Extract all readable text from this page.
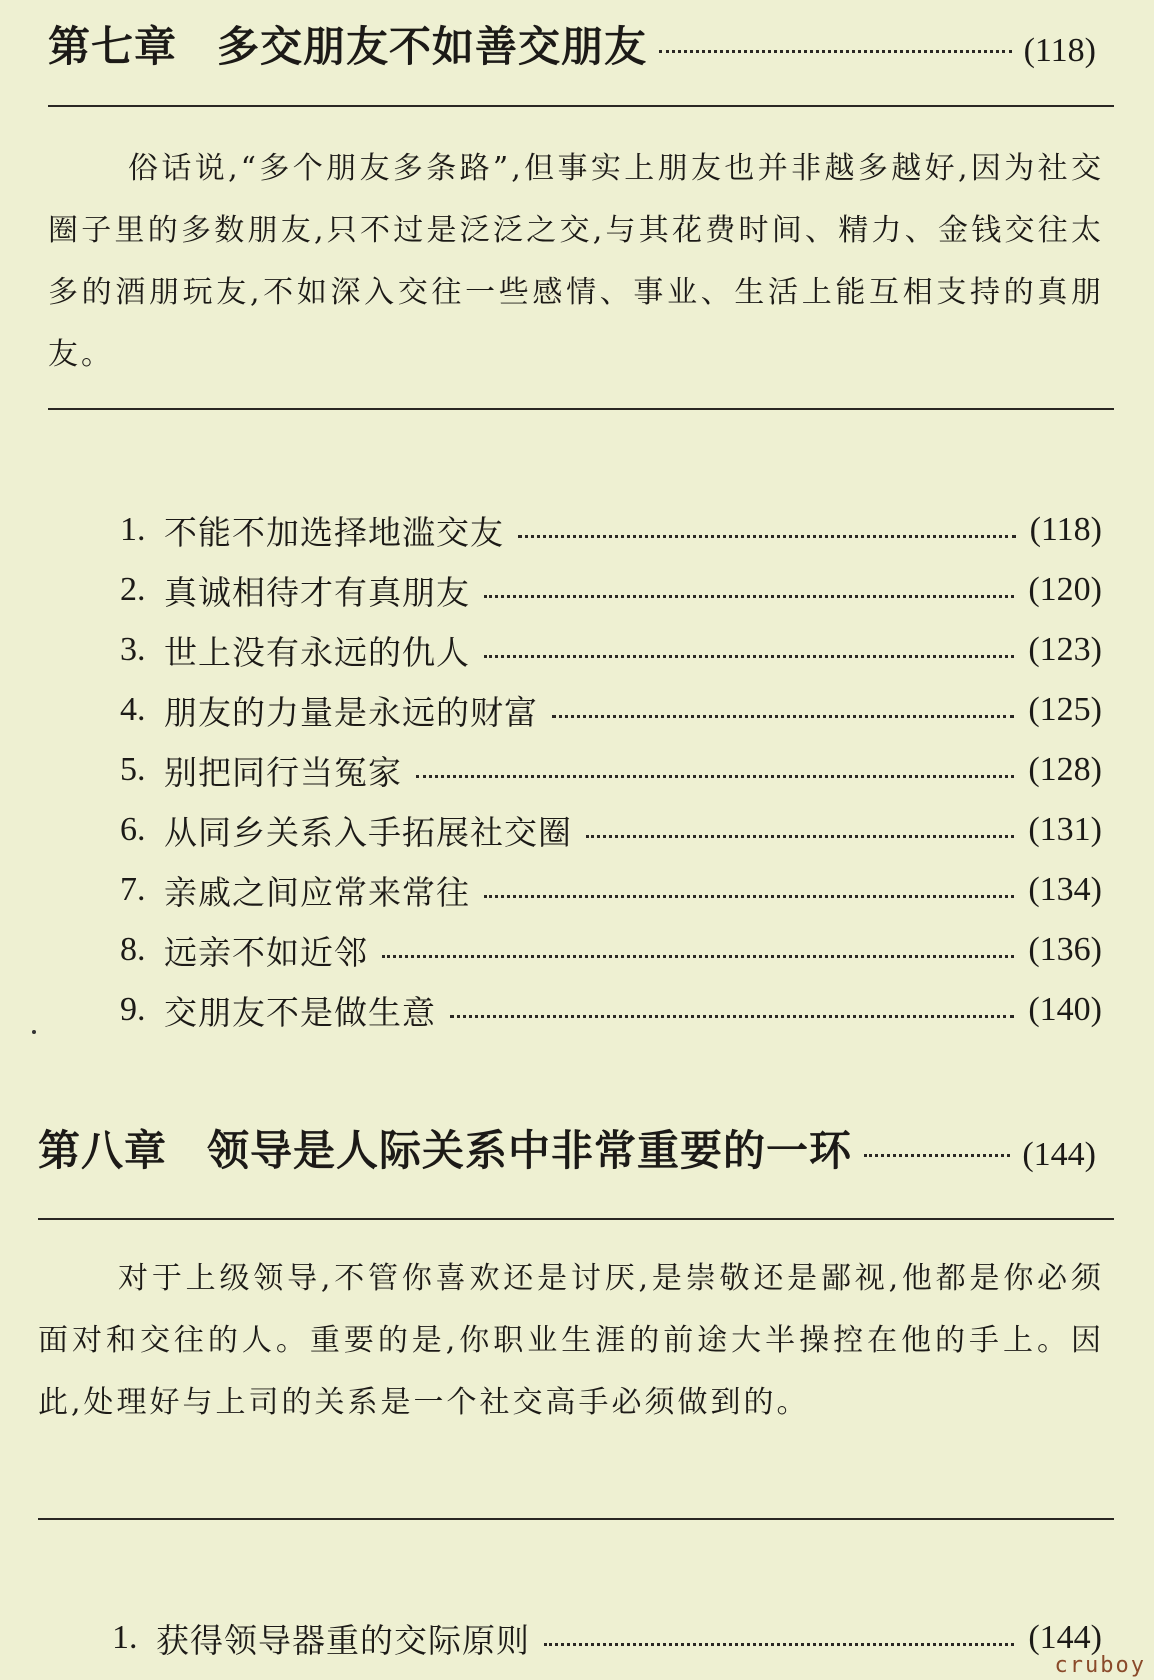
第七章 多交朋友不如善交朋友	(118)
俗话说,“多个朋友多条路”,但事实上朋友也并非越多越好,因为社交圈子里的多数朋友,只不过是泛泛之交,与其花费时间、精力、金钱交往太多的酒朋玩友,不如深入交往一些感情、事业、生活上能互相支持的真朋友。
1. 不能不加选择地滥交友	(118)
2. 真诚相待才有真朋友	(120)
3. 世上没有永远的仇人	(123)
4. 朋友的力量是永远的财富	(125)
5. 别把同行当冤家	(128)
6. 从同乡关系入手拓展社交圈	(131)
7. 亲戚之间应常来常往	(134)
8. 远亲不如近邻	(136)
9. 交朋友不是做生意	(140)
第八章 领导是人际关系中非常重要的一环	(144)
对于上级领导,不管你喜欢还是讨厌,是崇敬还是鄙视,他都是你必须面对和交往的人。重要的是,你职业生涯的前途大半操控在他的手上。因此,处理好与上司的关系是一个社交高手必须做到的。
1. 获得领导器重的交际原则	(144)
cruboy
